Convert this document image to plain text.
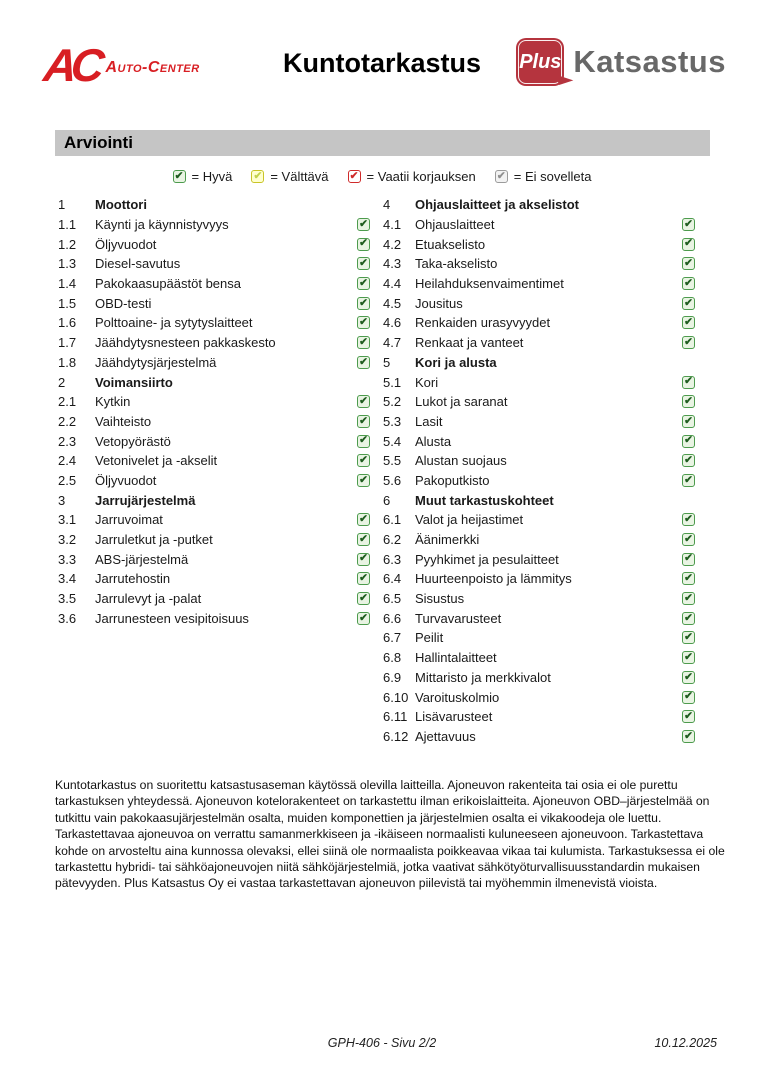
AC Auto-Center	Kuntotarkastus	Plus Katsastus
Arviointi
✔ = Hyvä ✔ = Välttävä ✔ = Vaatii korjauksen ✔ = Ei sovelleta
1	Moottori
1.1	Käynti ja käynnistyvyys	✔
1.2	Öljyvuodot	✔
1.3	Diesel-savutus	✔
1.4	Pakokaasupäästöt bensa	✔
1.5	OBD-testi	✔
1.6	Polttoaine- ja sytytyslaitteet	✔
1.7	Jäähdytysnesteen pakkaskesto	✔
1.8	Jäähdytysjärjestelmä	✔
2	Voimansiirto
2.1	Kytkin	✔
2.2	Vaihteisto	✔
2.3	Vetopyörästö	✔
2.4	Vetonivelet ja -akselit	✔
2.5	Öljyvuodot	✔
3	Jarrujärjestelmä
3.1	Jarruvoimat	✔
3.2	Jarruletkut ja -putket	✔
3.3	ABS-järjestelmä	✔
3.4	Jarrutehostin	✔
3.5	Jarrulevyt ja -palat	✔
3.6	Jarrunesteen vesipitoisuus	✔
4	Ohjauslaitteet ja akselistot
4.1	Ohjauslaitteet	✔
4.2	Etuakselisto	✔
4.3	Taka-akselisto	✔
4.4	Heilahduksenvaimentimet	✔
4.5	Jousitus	✔
4.6	Renkaiden urasyvyydet	✔
4.7	Renkaat ja vanteet	✔
5	Kori ja alusta
5.1	Kori	✔
5.2	Lukot ja saranat	✔
5.3	Lasit	✔
5.4	Alusta	✔
5.5	Alustan suojaus	✔
5.6	Pakoputkisto	✔
6	Muut tarkastuskohteet
6.1	Valot ja heijastimet	✔
6.2	Äänimerkki	✔
6.3	Pyyhkimet ja pesulaitteet	✔
6.4	Huurteenpoisto ja lämmitys	✔
6.5	Sisustus	✔
6.6	Turvavarusteet	✔
6.7	Peilit	✔
6.8	Hallintalaitteet	✔
6.9	Mittaristo ja merkkivalot	✔
6.10 Varoituskolmio	✔
6.11 Lisävarusteet	✔
6.12 Ajettavuus	✔
Kuntotarkastus on suoritettu katsastusaseman käytössä olevilla laitteilla. Ajoneuvon rakenteita tai osia ei ole purettu
tarkastuksen yhteydessä. Ajoneuvon kotelorakenteet on tarkastettu ilman erikoislaitteita. Ajoneuvon OBD–järjestelmää on
tutkittu vain pakokaasujärjestelmän osalta, muiden komponettien ja järjestelmien osalta ei vikakoodeja ole luettu.
Tarkastettavaa ajoneuvoa on verrattu samanmerkkiseen ja -ikäiseen normaalisti kuluneeseen ajoneuvoon. Tarkastettava
kohde on arvosteltu aina kunnossa olevaksi, ellei siinä ole normaalista poikkeavaa vikaa tai kulumista. Tarkastuksessa ei ole
tarkastettu hybridi- tai sähköajoneuvojen niitä sähköjärjestelmiä, jotka vaativat sähkötyöturvallisuusstandardin mukaisen
pätevyyden. Plus Katsastus Oy ei vastaa tarkastettavan ajoneuvon piilevistä tai myöhemmin ilmenevistä vioista.
GPH-406 - Sivu 2/2	10.12.2025
